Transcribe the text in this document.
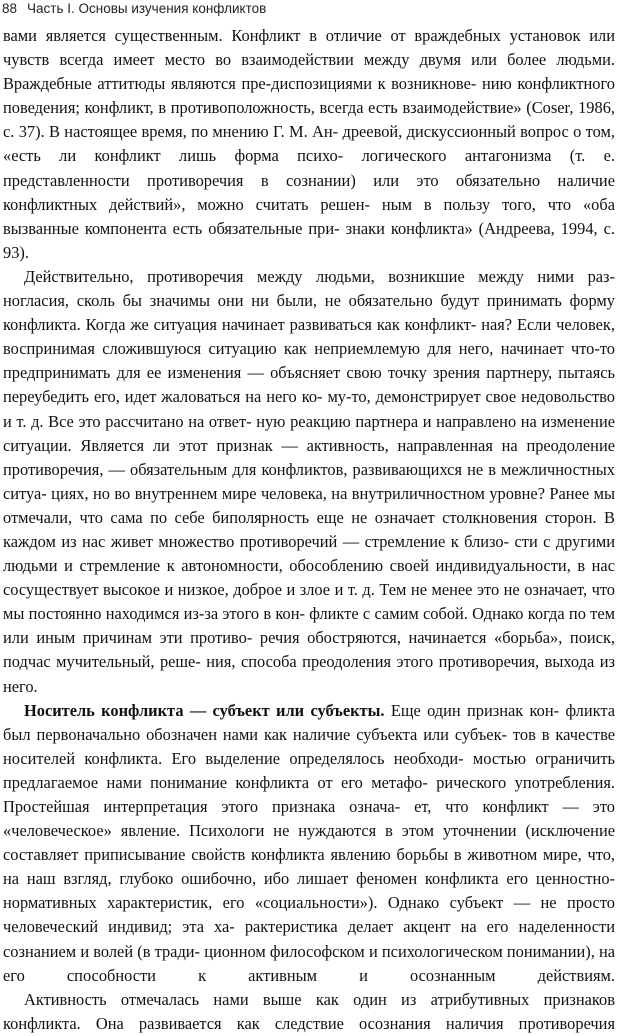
88 Часть I. Основы изучения конфликтов

вами является существенным. Конфликт в отличие от враждебных установок или чувств всегда имеет место во взаимодействии между двумя или более людьми. Враждебные аттитюды являются пре-диспозициями к возникнове- нию конфликтного поведения; конфликт, в противоположность, всегда есть взаимодействие» (Coser, 1986, с. 37). В настоящее время, по мнению Г. М. Ан- дреевой, дискуссионный вопрос о том, «есть ли конфликт лишь форма психо- логического антагонизма (т. е. представленности противоречия в сознании) или это обязательно наличие конфликтных действий», можно считать решен- ным в пользу того, что «оба вызванные компонента есть обязательные при- знаки конфликта» (Андреева, 1994, с. 93).

Действительно, противоречия между людьми, возникшие между ними раз- ногласия, сколь бы значимы они ни были, не обязательно будут принимать форму конфликта. Когда же ситуация начинает развиваться как конфликт- ная? Если человек, воспринимая сложившуюся ситуацию как неприемлемую для него, начинает что-то предпринимать для ее изменения — объясняет свою точку зрения партнеру, пытаясь переубедить его, идет жаловаться на него ко- му-то, демонстрирует свое недовольство и т. д. Все это рассчитано на ответ- ную реакцию партнера и направлено на изменение ситуации. Является ли этот признак — активность, направленная на преодоление противоречия, — обязательным для конфликтов, развивающихся не в межличностных ситуа- циях, но во внутреннем мире человека, на внутриличностном уровне? Ранее мы отмечали, что сама по себе биполярность еще не означает столкновения сторон. В каждом из нас живет множество противоречий — стремление к близо- сти с другими людьми и стремление к автономности, обособлению своей индивидуальности, в нас сосуществует высокое и низкое, доброе и злое и т. д. Тем не менее это не означает, что мы постоянно находимся из-за этого в кон- фликте с самим собой. Однако когда по тем или иным причинам эти противо- речия обостряются, начинается «борьба», поиск, подчас мучительный, реше- ния, способа преодоления этого противоречия, выхода из него.

Носитель конфликта — субъект или субъекты. Еще один признак кон- фликта был первоначально обозначен нами как наличие субъекта или субъек- тов в качестве носителей конфликта. Его выделение определялось необходи- мостью ограничить предлагаемое нами понимание конфликта от его метафо- рического употребления. Простейшая интерпретация этого признака означа- ет, что конфликт — это «человеческое» явление. Психологи не нуждаются в этом уточнении (исключение составляет приписывание свойств конфликта явлению борьбы в животном мире, что, на наш взгляд, глубоко ошибочно, ибо лишает феномен конфликта его ценностно-нормативных характеристик, его «социальности»). Однако субъект — не просто человеческий индивид; эта ха- рактеристика делает акцент на его наделенности сознанием и волей (в тради- ционном философском и психологическом понимании), на его способности	к активным и осознанным действиям.

Активность отмечалась нами выше как один из атрибутивных признаков конфликта. Она развивается как следствие осознания наличия противоречия
